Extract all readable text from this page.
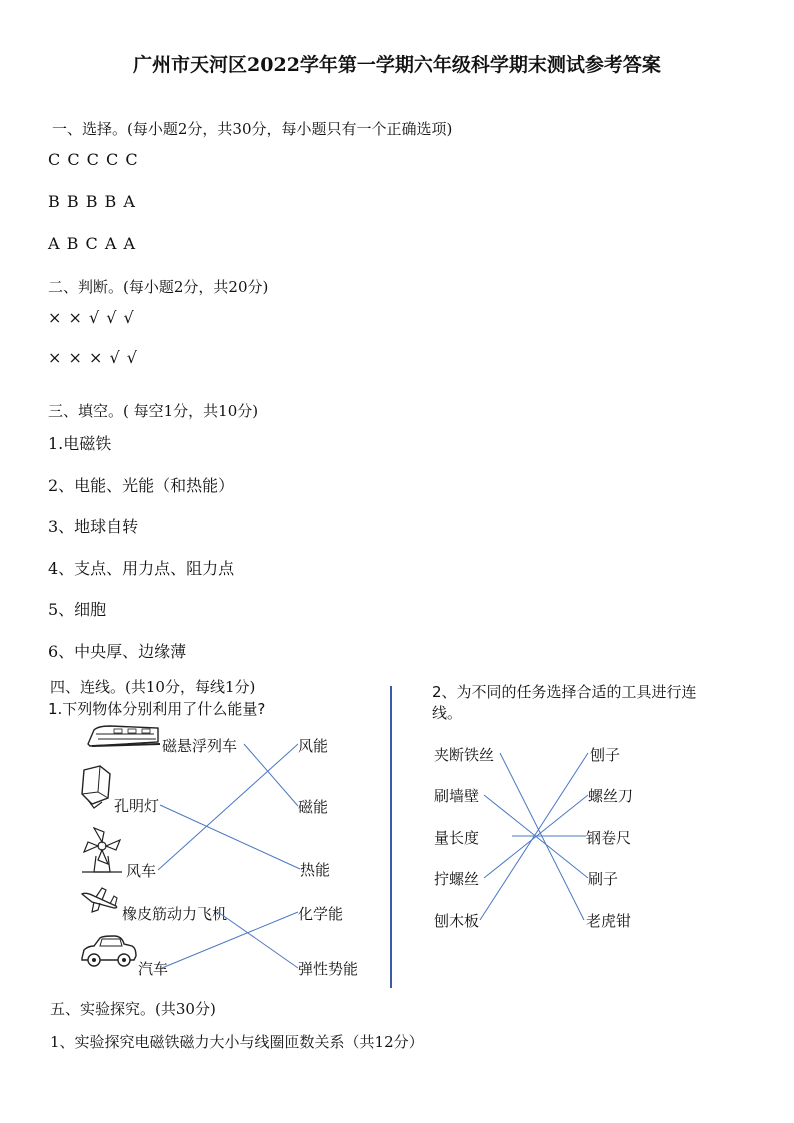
广州市天河区2022学年第一学期六年级科学期末测试参考答案
一、选择。(每小题2分，共30分，每小题只有一个正确选项)
C C C C C
B B B B A
A B C A A
二、判断。(每小题2分，共20分)
× × √ √ √
× × × √ √
三、填空。( 每空1分，共10分)
1.电磁铁
2、电能、光能（和热能）
3、地球自转
4、支点、用力点、阻力点
5、细胞
6、中央厚、边缘薄
四、连线。(共10分，每线1分)
1.下列物体分别利用了什么能量?
磁悬浮列车
孔明灯
风车
橡皮筋动力飞机
汽车
风能
磁能
热能
化学能
弹性势能
2、为不同的任务选择合适的工具进行连
线。
夹断铁丝
刷墙壁
量长度
拧螺丝
刨木板
刨子
螺丝刀
钢卷尺
刷子
老虎钳
五、实验探究。(共30分)
1、实验探究电磁铁磁力大小与线圈匝数关系（共12分）
